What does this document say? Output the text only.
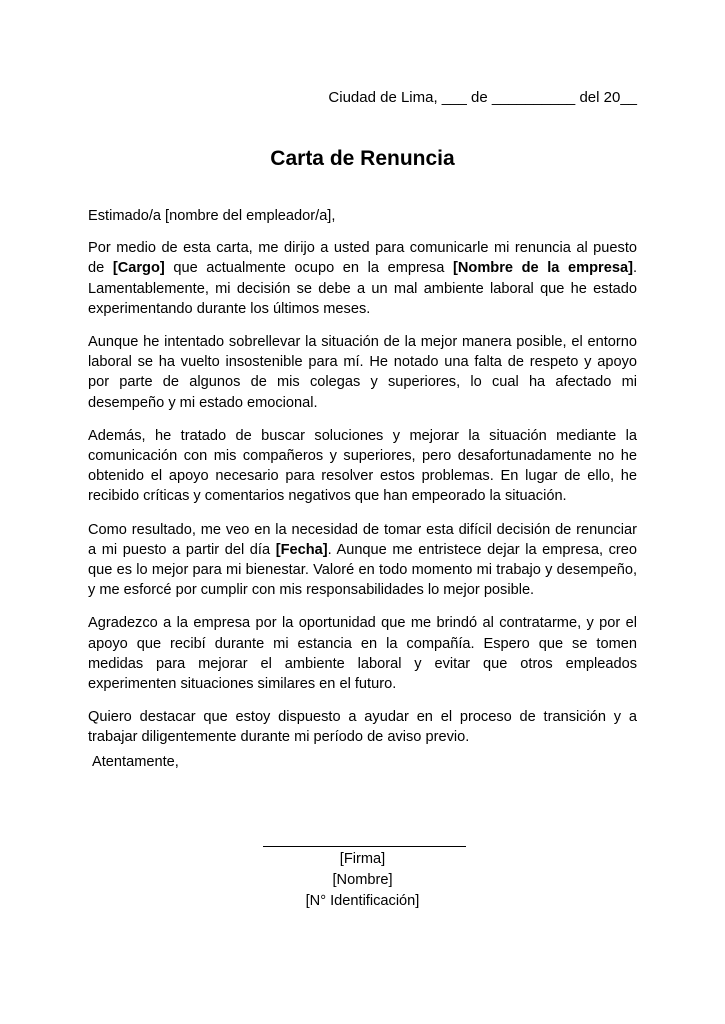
Ciudad de Lima, ___ de __________ del 20__
Carta de Renuncia

Estimado/a [nombre del empleador/a],

Por medio de esta carta, me dirijo a usted para comunicarle mi renuncia al puesto de [Cargo] que actualmente ocupo en la empresa [Nombre de la empresa]. Lamentablemente, mi decisión se debe a un mal ambiente laboral que he estado experimentando durante los últimos meses.

Aunque he intentado sobrellevar la situación de la mejor manera posible, el entorno laboral se ha vuelto insostenible para mí. He notado una falta de respeto y apoyo por parte de algunos de mis colegas y superiores, lo cual ha afectado mi desempeño y mi estado emocional.

Además, he tratado de buscar soluciones y mejorar la situación mediante la comunicación con mis compañeros y superiores, pero desafortunadamente no he obtenido el apoyo necesario para resolver estos problemas. En lugar de ello, he recibido críticas y comentarios negativos que han empeorado la situación.

Como resultado, me veo en la necesidad de tomar esta difícil decisión de renunciar a mi puesto a partir del día [Fecha]. Aunque me entristece dejar la empresa, creo que es lo mejor para mi bienestar. Valoré en todo momento mi trabajo y desempeño, y me esforcé por cumplir con mis responsabilidades lo mejor posible.

Agradezco a la empresa por la oportunidad que me brindó al contratarme, y por el apoyo que recibí durante mi estancia en la compañía. Espero que se tomen medidas para mejorar el ambiente laboral y evitar que otros empleados experimenten situaciones similares en el futuro.

Quiero destacar que estoy dispuesto a ayudar en el proceso de transición y a trabajar diligentemente durante mi período de aviso previo.

Atentamente,
[Firma]
[Nombre]
[N° Identificación]
